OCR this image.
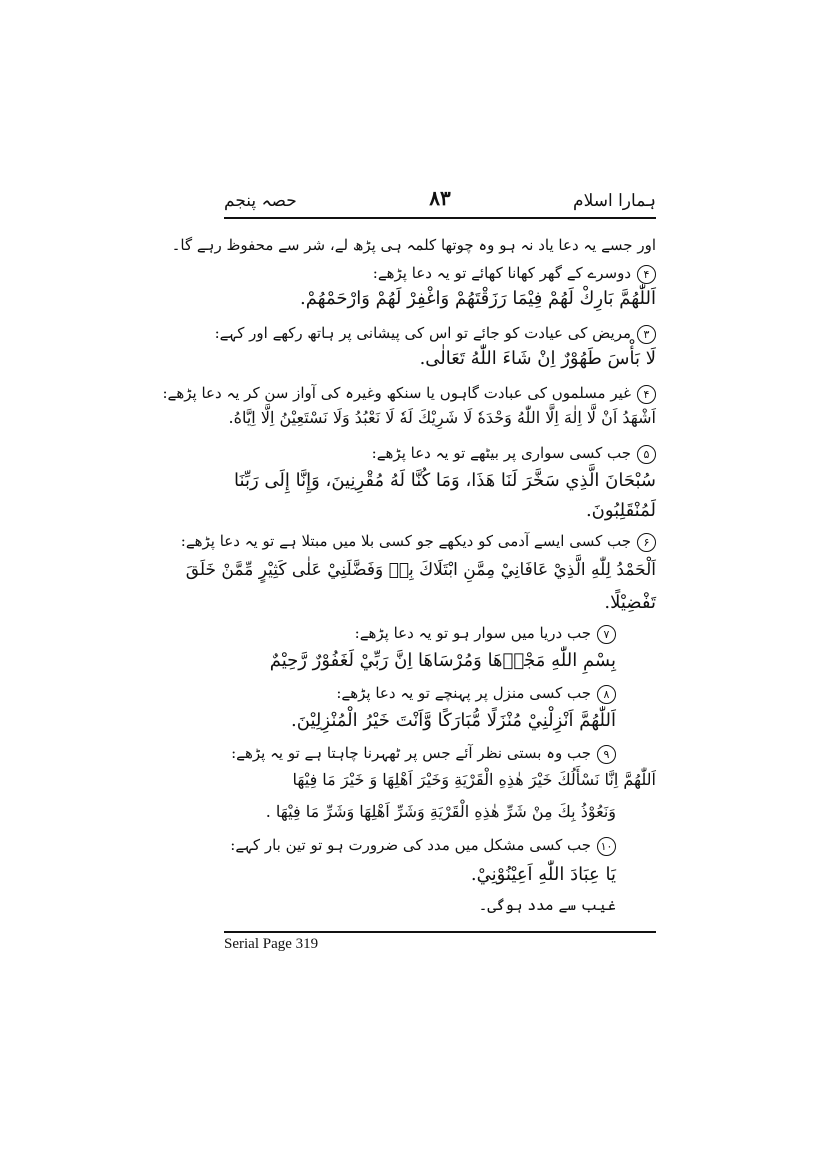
حصہ پنجم	۸۳	ہمارا اسلام
اور جسے یہ دعا یاد نہ ہو وہ چوتھا کلمہ ہی پڑھ لے، شر سے محفوظ رہے گا۔
۴دوسرے کے گھر کھانا کھائے تو یہ دعا پڑھے:
اَللّٰهُمَّ بَارِكْ لَهُمْ فِيْمَا رَزَقْتَهُمْ وَاغْفِرْ لَهُمْ وَارْحَمْهُمْ.
۳مریض کی عیادت کو جائے تو اس کی پیشانی پر ہاتھ رکھے اور کہے:
لَا بَأْسَ طَهُوْرٌ اِنْ شَاءَ اللّٰهُ تَعَالٰى.
۴غیر مسلموں کی عبادت گاہوں یا سنکھ وغیرہ کی آواز سن کر یہ دعا پڑھے:
اَشْهَدُ اَنْ لَّا اِلٰهَ اِلَّا اللّٰهُ وَحْدَهٗ لَا شَرِيْكَ لَهٗ لَا نَعْبُدُ وَلَا نَسْتَعِيْنُ اِلَّا اِيَّاهُ.
۵جب کسی سواری پر بیٹھے تو یہ دعا پڑھے:
سُبْحَانَ الَّذِي سَخَّرَ لَنَا هَذَا، وَمَا كُنَّا لَهُ مُقْرِنِينَ، وَإِنَّا إِلَى رَبِّنَا
لَمُنْقَلِبُونَ.
۶جب کسی ایسے آدمی کو دیکھے جو کسی بلا میں مبتلا ہے تو یہ دعا پڑھے:
اَلْحَمْدُ لِلّٰهِ الَّذِيْ عَافَانِيْ مِمَّنِ ابْتَلَاكَ بِهٖ وَفَضَّلَنِيْ عَلٰى كَثِيْرٍ مِّمَّنْ خَلَقَ
تَفْضِيْلًا.
۷جب دریا میں سوار ہو تو یہ دعا پڑھے:
بِسْمِ اللّٰهِ مَجْرٖهَا وَمُرْسَاهَا اِنَّ رَبِّيْ لَغَفُوْرٌ رَّحِيْمٌ
۸جب کسی منزل پر پہنچے تو یہ دعا پڑھے:
اَللّٰهُمَّ اَنْزِلْنِيْ مُنْزَلًا مُّبَارَكًا وَّاَنْتَ خَيْرُ الْمُنْزِلِيْنَ.
۹جب وہ بستی نظر آئے جس پر ٹھہرنا چاہتا ہے تو یہ پڑھے:
اَللّٰهُمَّ اِنَّا نَسْأَلُكَ خَيْرَ هٰذِهِ الْقَرْيَةِ وَخَيْرَ اَهْلِهَا وَ خَيْرَ مَا فِيْهَا
وَنَعُوْذُ بِكَ مِنْ شَرِّ هٰذِهِ الْقَرْيَةِ وَشَرِّ اَهْلِهَا وَشَرِّ مَا فِيْهَا .
۱۰جب کسی مشکل میں مدد کی ضرورت ہو تو تین بار کہے:
يَا عِبَادَ اللّٰهِ اَعِيْنُوْنِيْ.
غیب سے مدد ہوگی۔
Serial Page 319
